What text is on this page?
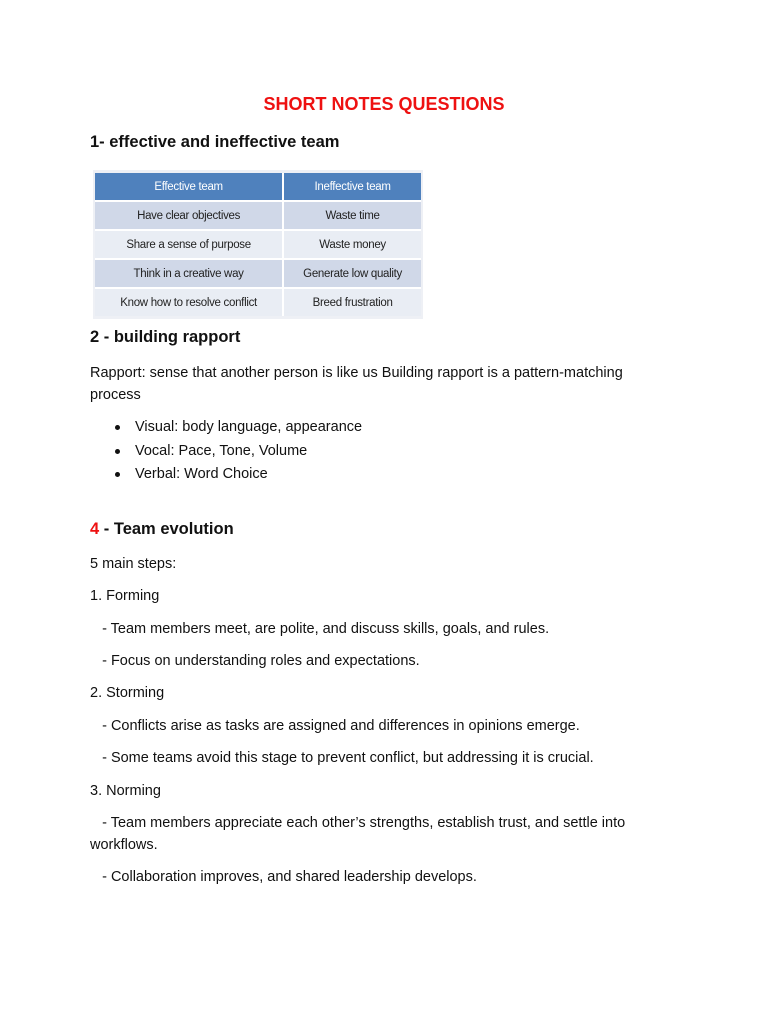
SHORT NOTES QUESTIONS
1- effective and ineffective team
Effective team	Ineffective team
Have clear objectives	Waste time
Share a sense of purpose	Waste money
Think in a creative way	Generate low quality
Know how to resolve conflict	Breed frustration
2 - building rapport
Rapport: sense that another person is like us Building rapport is a pattern-matching process
Visual: body language, appearance
Vocal: Pace, Tone, Volume
Verbal: Word Choice
4 - Team evolution
5 main steps:
1. Forming
- Team members meet, are polite, and discuss skills, goals, and rules.
- Focus on understanding roles and expectations.
2. Storming
- Conflicts arise as tasks are assigned and differences in opinions emerge.
- Some teams avoid this stage to prevent conflict, but addressing it is crucial.
3. Norming
- Team members appreciate each other’s strengths, establish trust, and settle into workflows.
- Collaboration improves, and shared leadership develops.
